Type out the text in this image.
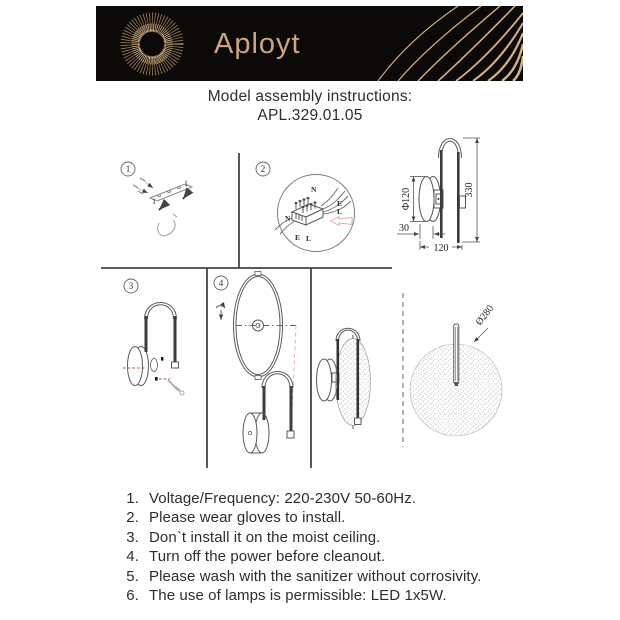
Aployt
Model assembly instructions:
APL.329.01.05
1	2
3	4
1
1
N
E
L
N
E L
330
Φ120
30
120
Ø280
1. Voltage/Frequency: 220-230V 50-60Hz.
2. Please wear gloves to install.
3. Don`t install it on the moist ceiling.
4. Turn off the power before cleanout.
5. Please wash with the sanitizer without corrosivity.
6. The use of lamps is permissible: LED 1x5W.
